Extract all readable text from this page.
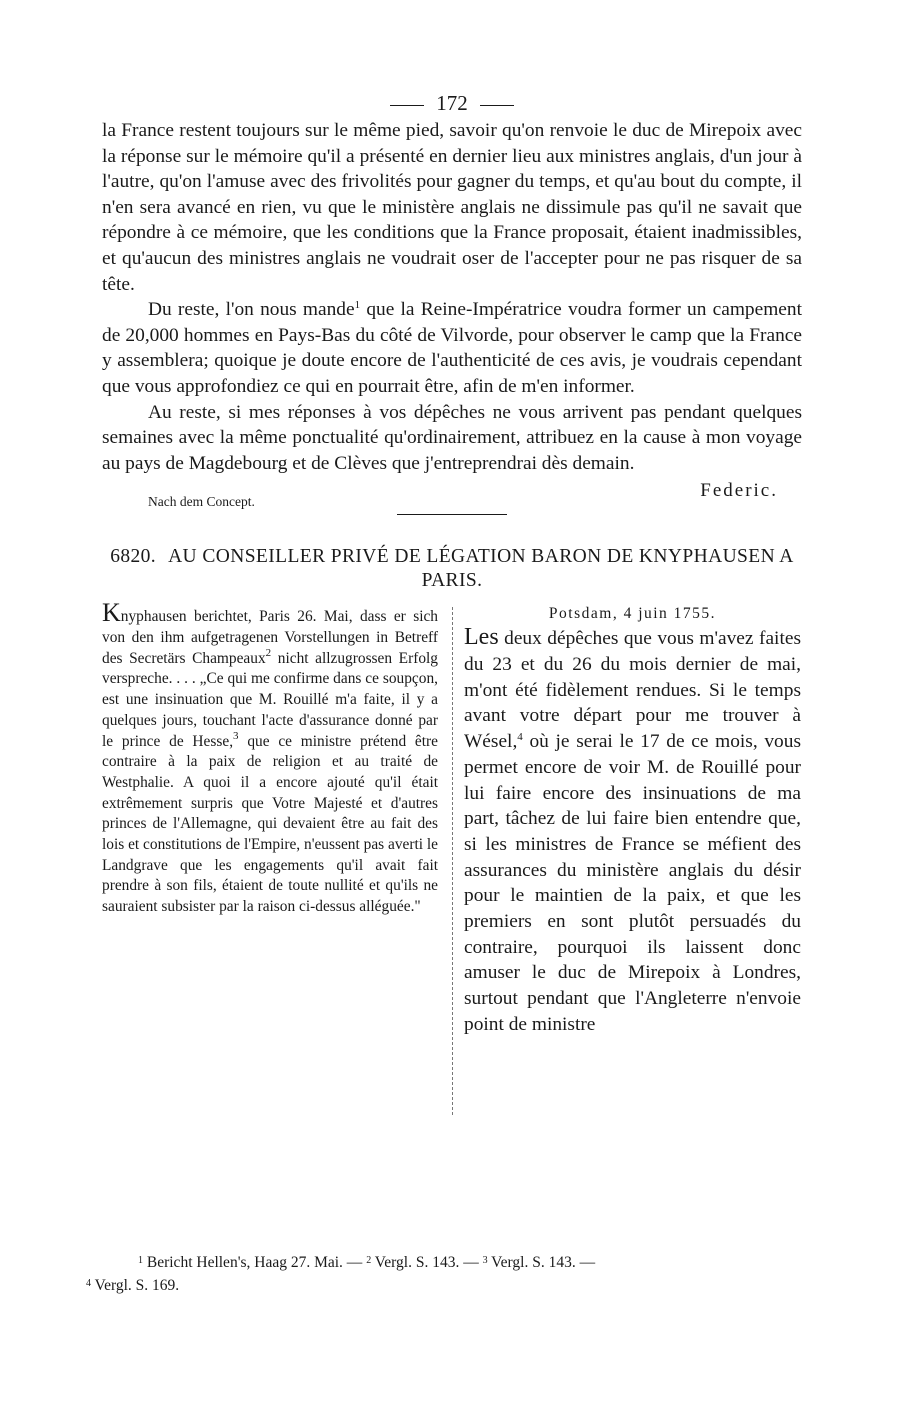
172

la France restent toujours sur le même pied, savoir qu'on renvoie le duc de Mirepoix avec la réponse sur le mémoire qu'il a présenté en dernier lieu aux ministres anglais, d'un jour à l'autre, qu'on l'amuse avec des frivolités pour gagner du temps, et qu'au bout du compte, il n'en sera avancé en rien, vu que le ministère anglais ne dissimule pas qu'il ne savait que répondre à ce mémoire, que les conditions que la France proposait, étaient inadmissibles, et qu'aucun des ministres anglais ne voudrait oser de l'accepter pour ne pas risquer de sa tête.

Du reste, l'on nous mande$^1$ que la Reine-Impératrice voudra former un campement de 20,000 hommes en Pays-Bas du côté de Vilvorde, pour observer le camp que la France y assemblera; quoique je doute encore de l'authenticité de ces avis, je voudrais cependant que vous approfondiez ce qui en pourrait être, afin de m'en informer.

Au reste, si mes réponses à vos dépêches ne vous arrivent pas pendant quelques semaines avec la même ponctualité qu'ordinairement, attribuez en la cause à mon voyage au pays de Magdebourg et de Clèves que j'entreprendrai dès demain.

Nach dem Concept.
Federic.
6820. AU CONSEILLER PRIVÉ DE LÉGATION BARON DE KNYPHAUSEN A PARIS.
Knyphausen berichtet, Paris 26. Mai, dass er sich von den ihm aufgetragenen Vorstellungen in Betreff des Secretärs Champeaux$^2$ nicht allzugrossen Erfolg verspreche. . . . „Ce qui me confirme dans ce soupçon, est une insinuation que M. Rouillé m'a faite, il y a quelques jours, touchant l'acte d'assurance donné par le prince de Hesse,$^3$ que ce ministre prétend être contraire à la paix de religion et au traité de Westphalie. A quoi il a encore ajouté qu'il était extrêmement surpris que Votre Majesté et d'autres princes de l'Allemagne, qui devaient être au fait des lois et constitutions de l'Empire, n'eussent pas averti le Landgrave que les engagements qu'il avait fait prendre à son fils, étaient de toute nullité et qu'ils ne sauraient subsister par la raison ci-dessus alléguée."
Potsdam, 4 juin 1755.
Les deux dépêches que vous m'avez faites du 23 et du 26 du mois dernier de mai, m'ont été fidèlement rendues. Si le temps avant votre départ pour me trouver à Wésel,$^4$ où je serai le 17 de ce mois, vous permet encore de voir M. de Rouillé pour lui faire encore des insinuations de ma part, tâchez de lui faire bien entendre que, si les ministres de France se méfient des assurances du ministère anglais du désir pour le maintien de la paix, et que les premiers en sont plutôt persuadés du contraire, pourquoi ils laissent donc amuser le duc de Mirepoix à Londres, surtout pendant que l'Angleterre n'envoie point de ministre

$^1$ Bericht Hellen's, Haag 27. Mai. — $^2$ Vergl. S. 143. — $^3$ Vergl. S. 143. —

$^4$ Vergl. S. 169.
